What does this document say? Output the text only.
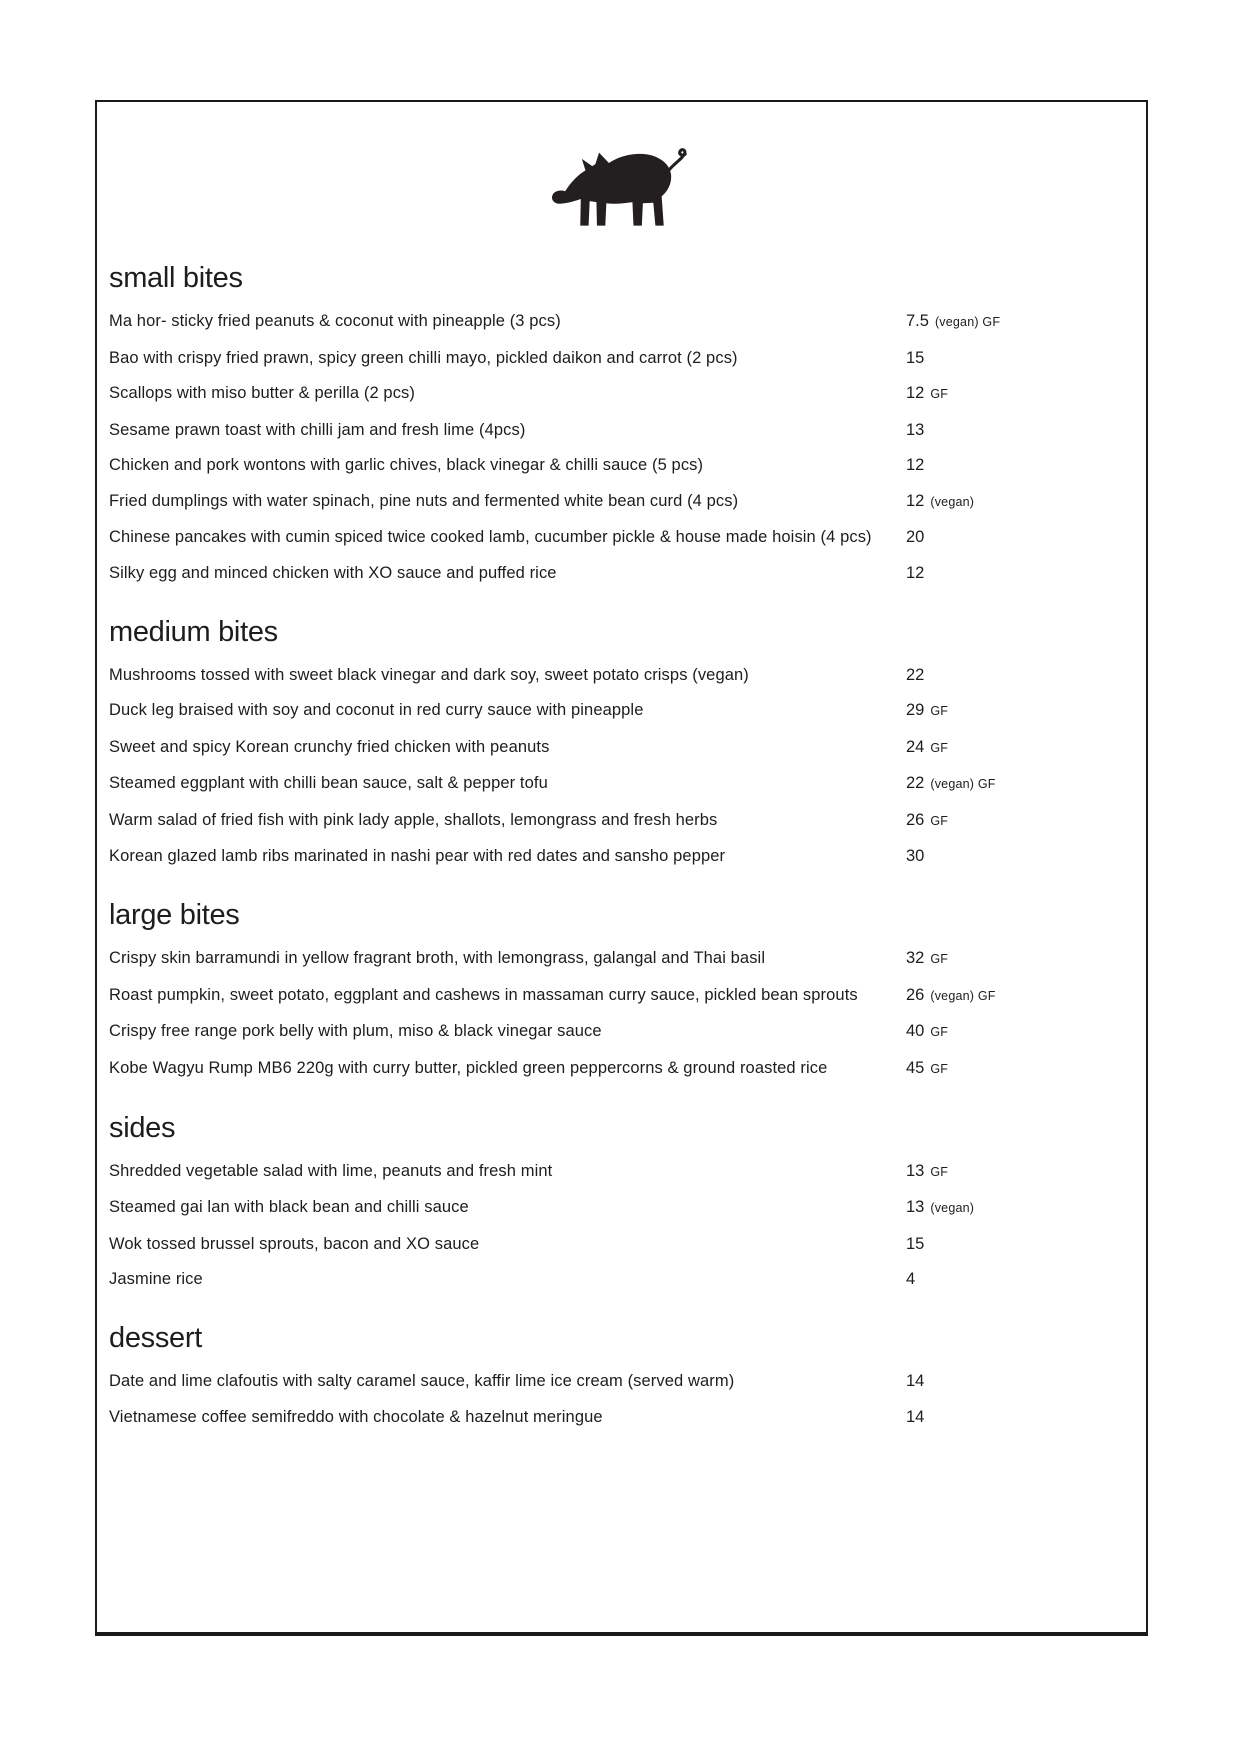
small bites
Ma hor- sticky fried peanuts & coconut with pineapple (3 pcs)	7.5 (vegan) GF
Bao with crispy fried prawn, spicy green chilli mayo, pickled daikon and carrot (2 pcs)	15
Scallops with miso butter & perilla (2 pcs)	12 GF
Sesame prawn toast with chilli jam and fresh lime (4pcs)	13
Chicken and pork wontons with garlic chives, black vinegar & chilli sauce (5 pcs)	12
Fried dumplings with water spinach, pine nuts and fermented white bean curd (4 pcs)	12 (vegan)
Chinese pancakes with cumin spiced twice cooked lamb, cucumber pickle & house made hoisin (4 pcs)	20
Silky egg and minced chicken with XO sauce and puffed rice	12
medium bites
Mushrooms tossed with sweet black vinegar and dark soy, sweet potato crisps (vegan)	22
Duck leg braised with soy and coconut in red curry sauce with pineapple	29 GF
Sweet and spicy Korean crunchy fried chicken with peanuts	24 GF
Steamed eggplant with chilli bean sauce, salt & pepper tofu	22 (vegan) GF
Warm salad of fried fish with pink lady apple, shallots, lemongrass and fresh herbs	26 GF
Korean glazed lamb ribs marinated in nashi pear with red dates and sansho pepper	30
large bites
Crispy skin barramundi in yellow fragrant broth, with lemongrass, galangal and Thai basil	32 GF
Roast pumpkin, sweet potato, eggplant and cashews in massaman curry sauce, pickled bean sprouts	26 (vegan) GF
Crispy free range pork belly with plum, miso & black vinegar sauce	40 GF
Kobe Wagyu Rump MB6 220g with curry butter, pickled green peppercorns & ground roasted rice	45 GF
sides
Shredded vegetable salad with lime, peanuts and fresh mint	13 GF
Steamed gai lan with black bean and chilli sauce	13 (vegan)
Wok tossed brussel sprouts, bacon and XO sauce	15
Jasmine rice	4
dessert
Date and lime clafoutis with salty caramel sauce, kaffir lime ice cream (served warm)	14
Vietnamese coffee semifreddo with chocolate & hazelnut meringue	14
